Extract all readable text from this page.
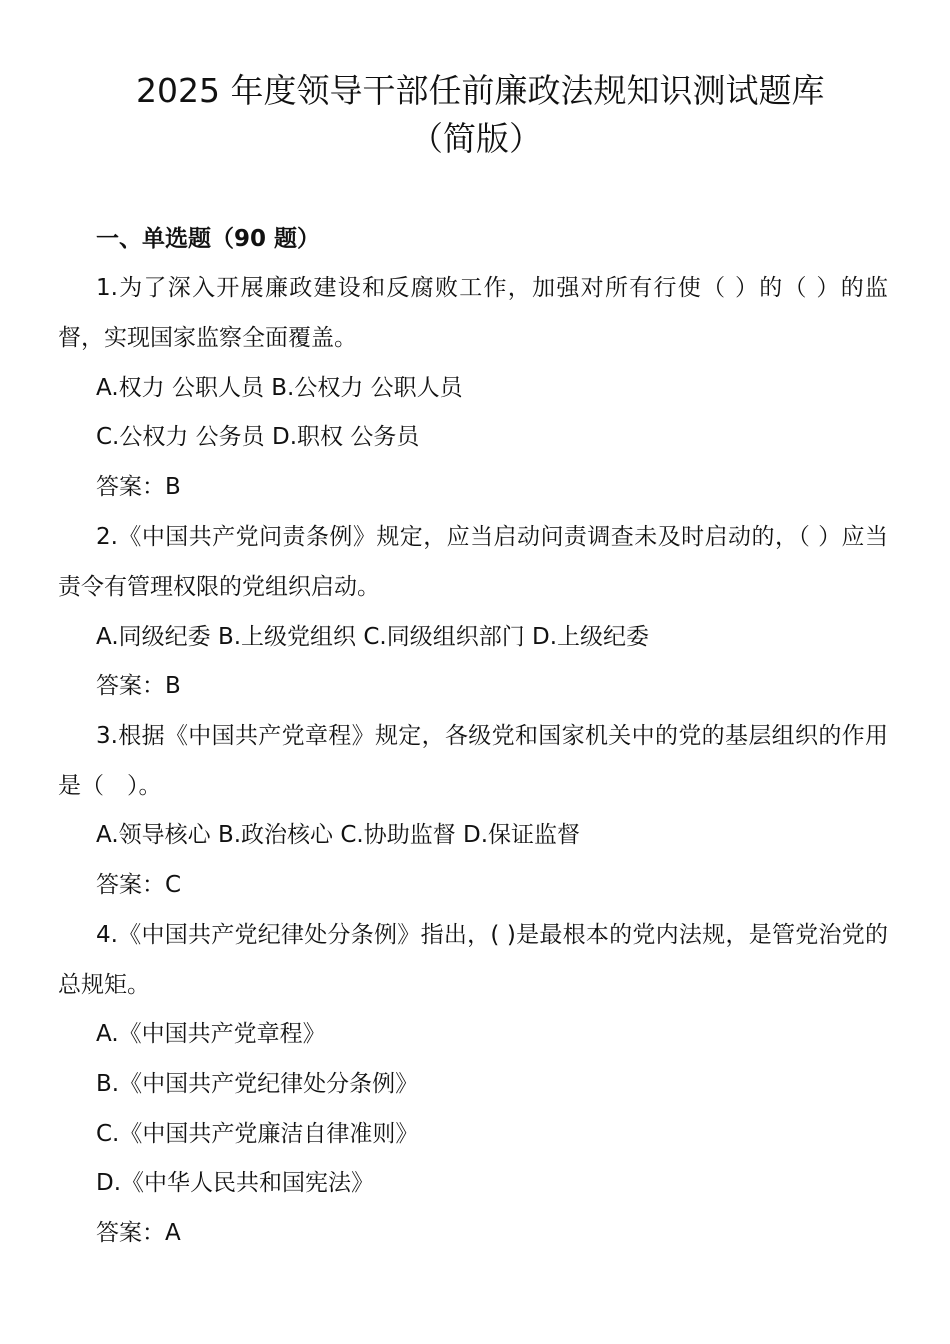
2025 年度领导干部任前廉政法规知识测试题库
（简版）
一、单选题（90 题）
1.为了深入开展廉政建设和反腐败工作，加强对所有行使（ ）的（ ）的监督，实现国家监察全面覆盖。
A.权力 公职人员 B.公权力 公职人员
C.公权力 公务员 D.职权 公务员
答案：B
2.《中国共产党问责条例》规定，应当启动问责调查未及时启动的，（ ）应当责令有管理权限的党组织启动。
A.同级纪委 B.上级党组织 C.同级组织部门 D.上级纪委
答案：B
3.根据《中国共产党章程》规定，各级党和国家机关中的党的基层组织的作用是（　）。
A.领导核心 B.政治核心 C.协助监督 D.保证监督
答案：C
4.《中国共产党纪律处分条例》指出，( )是最根本的党内法规，是管党治党的总规矩。
A.《中国共产党章程》
B.《中国共产党纪律处分条例》
C.《中国共产党廉洁自律准则》
D.《中华人民共和国宪法》
答案：A
